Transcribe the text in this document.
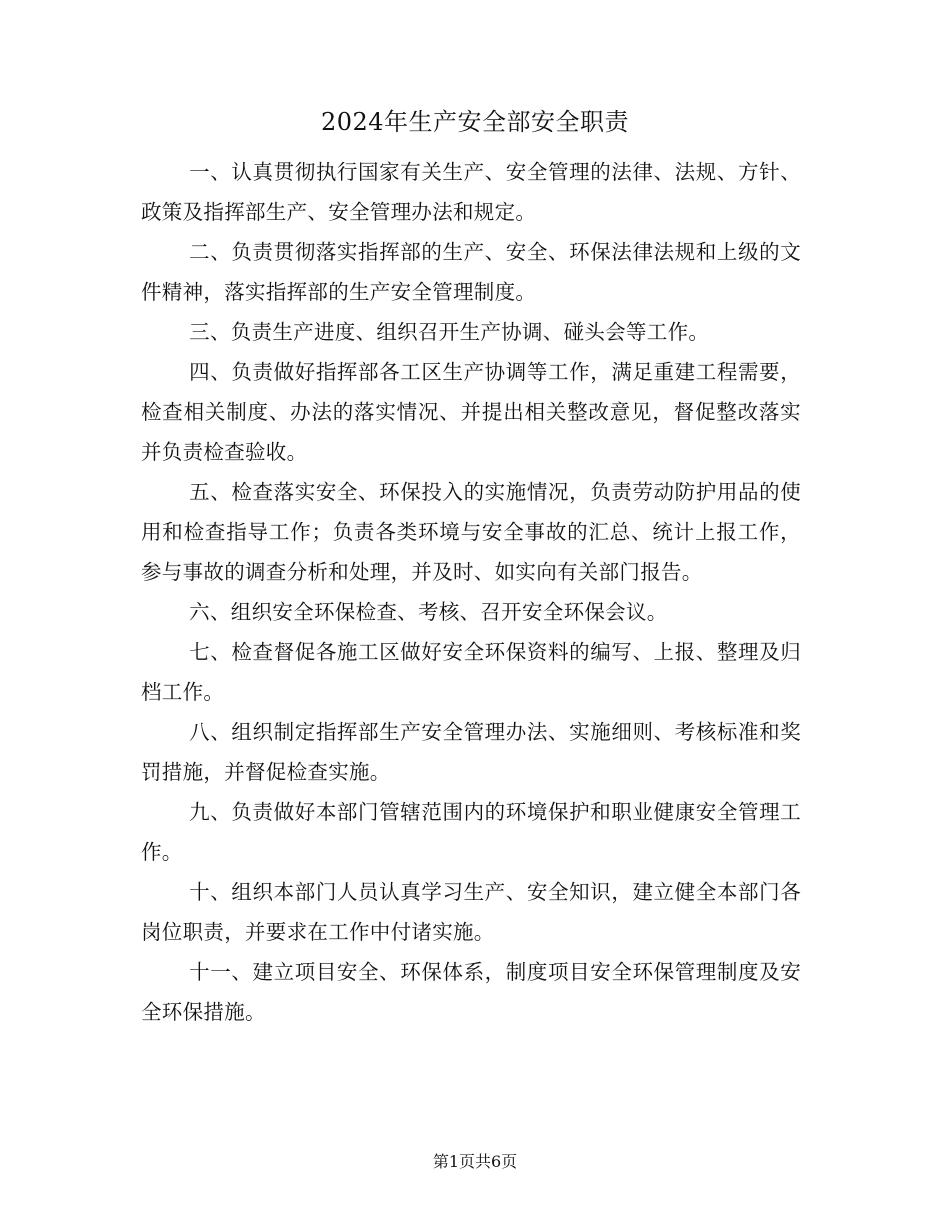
2024年生产安全部安全职责

一、认真贯彻执行国家有关生产、安全管理的法律、法规、方针、政策及指挥部生产、安全管理办法和规定。

二、负责贯彻落实指挥部的生产、安全、环保法律法规和上级的文件精神，落实指挥部的生产安全管理制度。

三、负责生产进度、组织召开生产协调、碰头会等工作。

四、负责做好指挥部各工区生产协调等工作，满足重建工程需要，检查相关制度、办法的落实情况、并提出相关整改意见，督促整改落实并负责检查验收。

五、检查落实安全、环保投入的实施情况，负责劳动防护用品的使用和检查指导工作；负责各类环境与安全事故的汇总、统计上报工作，参与事故的调查分析和处理，并及时、如实向有关部门报告。

六、组织安全环保检查、考核、召开安全环保会议。

七、检查督促各施工区做好安全环保资料的编写、上报、整理及归档工作。

八、组织制定指挥部生产安全管理办法、实施细则、考核标准和奖罚措施，并督促检查实施。

九、负责做好本部门管辖范围内的环境保护和职业健康安全管理工作。

十、组织本部门人员认真学习生产、安全知识，建立健全本部门各岗位职责，并要求在工作中付诸实施。

十一、建立项目安全、环保体系，制度项目安全环保管理制度及安全环保措施。

第1页共6页
